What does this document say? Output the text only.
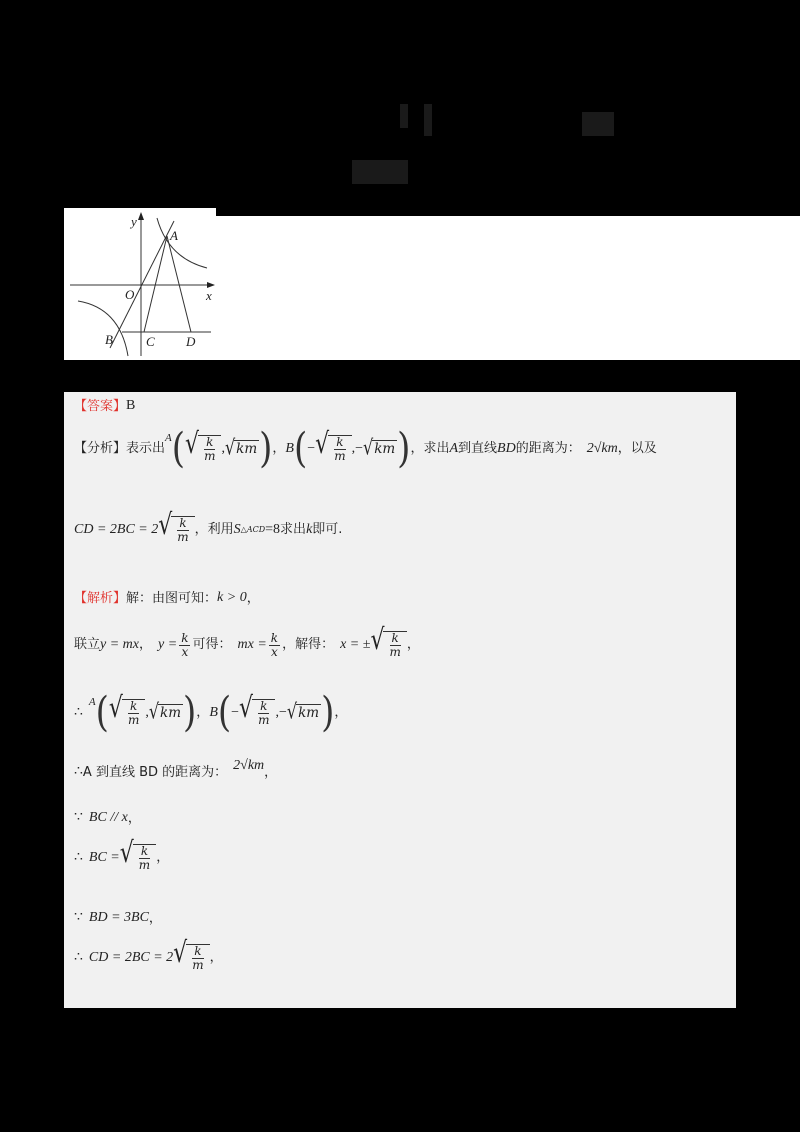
y
x
O
A
B	C D
【答案】 B
【分析】 表示出
A ( √ $\frac{k}{m}$ , √ km ) ， B ( − √ $\frac{k}{m}$ ,− √ km ) ，求出 A 到直线 BD 的距离为： 2√km ，以及
CD = 2BC = 2 √ $\frac{k}{m}$ ，利用 S △ACD =8 求出 k 即可.
【解析】 解：由图可知： k > 0 ，
联立 y = mx ， $y = \frac{k}{x}$ 可得： mx = $\frac{k}{x}$ ，解得： x = ± √ $\frac{k}{m}$ ，
∴
A ( √ $\frac{k}{m}$ , √ km ) ， B ( − √ $\frac{k}{m}$ ,− √ km ) ，
∴ A 到直线 BD 的距离为： 2√km ，
∵ BC // x ，
∴ BC = √ $\frac{k}{m}$ ，
∵ BD = 3BC ，
∴ CD = 2BC = 2 √ $\frac{k}{m}$ ，
